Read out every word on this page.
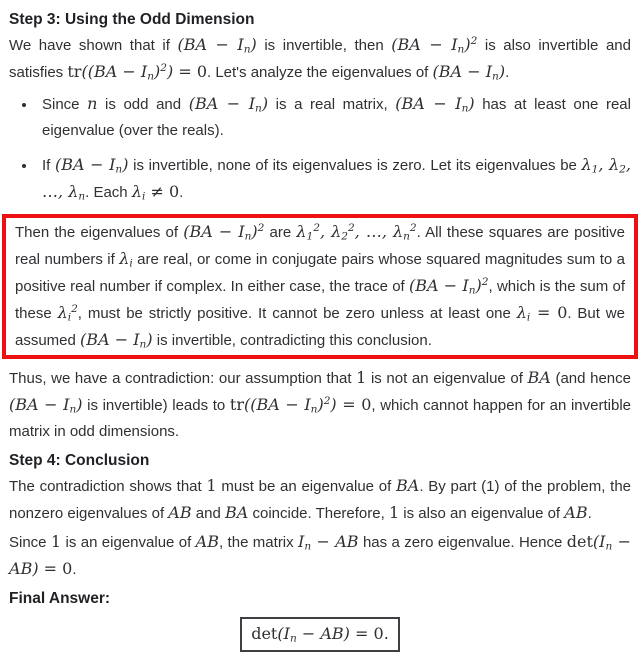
Step 3: Using the Odd Dimension

We have shown that if $(BA - I_n)$ is invertible, then $(BA - I_n)^2$ is also invertible and satisfies $tr((BA - I_n)^2) = 0$. Let's analyze the eigenvalues of $(BA - I_n)$.

• Since n is odd and $(BA - I_n)$ is a real matrix, $(BA - I_n)$ has at least one real eigenvalue (over the reals).
• If $(BA - I_n)$ is invertible, none of its eigenvalues is zero. Let its eigenvalues be $\lambda_1$, $\lambda_2$, …, $\lambda_n$. Each $\lambda_i \ne 0$.

Then the eigenvalues of $(BA - I_n)^2$ are $\lambda_1^2$, $\lambda_2^2$, …, $\lambda_n^2$. All these squares are positive real numbers if $\lambda_i$ are real, or come in conjugate pairs whose squared magnitudes sum to a positive real number if complex. In either case, the trace of $(BA - I_n)^2$, which is the sum of these $\lambda_i^2$, must be strictly positive. It cannot be zero unless at least one $\lambda_i = 0$. But we assumed $(BA - I_n)$ is invertible, contradicting this conclusion.

Thus, we have a contradiction: our assumption that 1 is not an eigenvalue of BA (and hence $(BA - I_n)$ is invertible) leads to $tr((BA - I_n)^2) = 0$, which cannot happen for an invertible matrix in odd dimensions.

Step 4: Conclusion

The contradiction shows that 1 must be an eigenvalue of BA. By part (1) of the problem, the nonzero eigenvalues of AB and BA coincide. Therefore, 1 is also an eigenvalue of AB.

Since 1 is an eigenvalue of AB, the matrix $I_n$ − AB has a zero eigenvalue. Hence $\det(I_n - AB) = 0$.

Final Answer:
$\det(I_n - AB) = 0$.
